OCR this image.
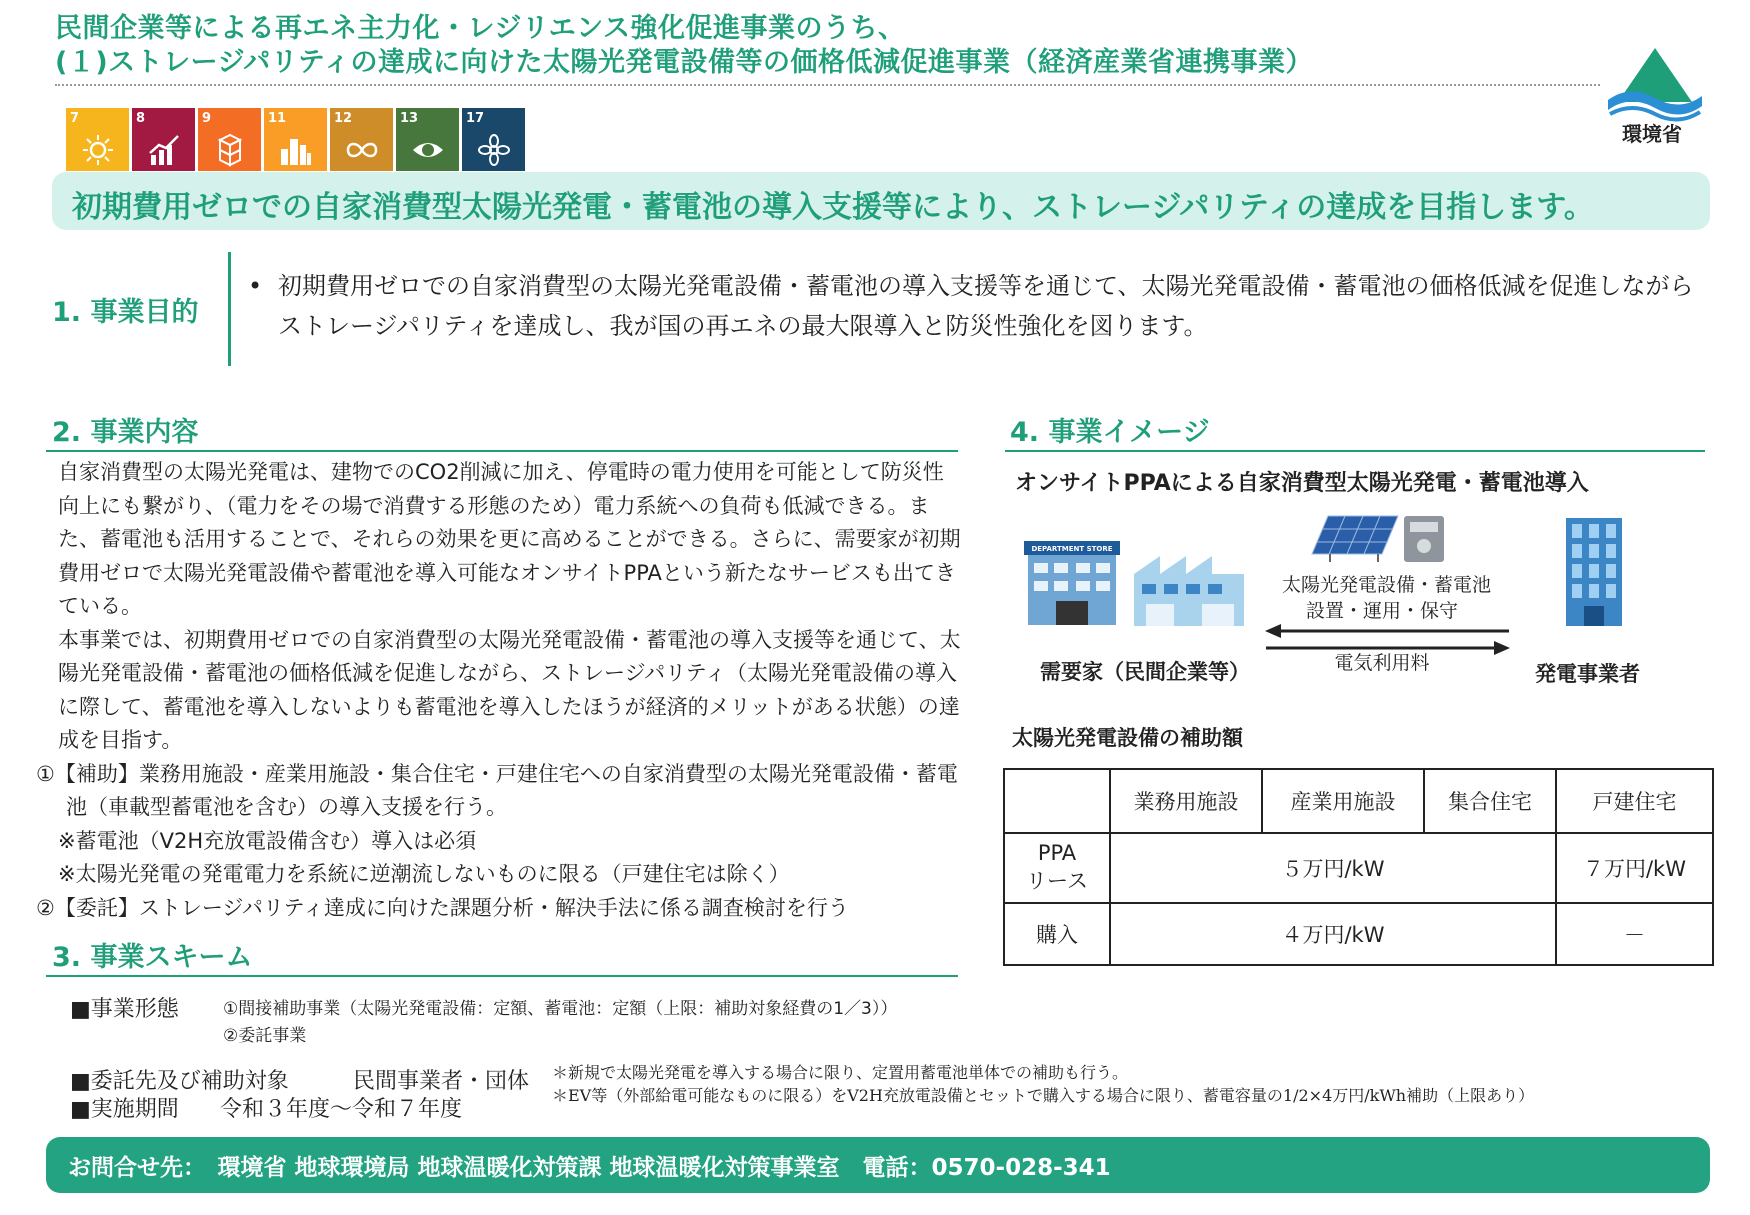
民間企業等による再エネ主力化・レジリエンス強化促進事業のうち、
(１)ストレージパリティの達成に向けた太陽光発電設備等の価格低減促進事業（経済産業省連携事業）
環境省
7	8	9	11	12	13	17
初期費用ゼロでの自家消費型太陽光発電・蓄電池の導入支援等により、ストレージパリティの達成を目指します。
1. 事業目的
• 初期費用ゼロでの自家消費型の太陽光発電設備・蓄電池の導入支援等を通じて、太陽光発電設備・蓄電池の価格低減を促進しながらストレージパリティを達成し、我が国の再エネの最大限導入と防災性強化を図ります。
2. 事業内容

自家消費型の太陽光発電は、建物でのCO2削減に加え、停電時の電力使用を可能として防災性向上にも繋がり、（電力をその場で消費する形態のため）電力系統への負荷も低減できる。また、蓄電池も活用することで、それらの効果を更に高めることができる。さらに、需要家が初期費用ゼロで太陽光発電設備や蓄電池を導入可能なオンサイトPPAという新たなサービスも出てきている。

本事業では、初期費用ゼロでの自家消費型の太陽光発電設備・蓄電池の導入支援等を通じて、太陽光発電設備・蓄電池の価格低減を促進しながら、ストレージパリティ（太陽光発電設備の導入に際して、蓄電池を導入しないよりも蓄電池を導入したほうが経済的メリットがある状態）の達成を目指す。

①【補助】業務用施設・産業用施設・集合住宅・戸建住宅への自家消費型の太陽光発電設備・蓄電池（車載型蓄電池を含む）の導入支援を行う。

※蓄電池（V2H充放電設備含む）導入は必須

※太陽光発電の発電電力を系統に逆潮流しないものに限る（戸建住宅は除く）

②【委託】ストレージパリティ達成に向けた課題分析・解決手法に係る調査検討を行う

3. 事業スキーム
■事業形態	①間接補助事業（太陽光発電設備：定額、蓄電池：定額（上限：補助対象経費の1／3））
②委託事業
■委託先及び補助対象	民間事業者・団体
■実施期間 令和３年度～令和７年度
＊新規で太陽光発電を導入する場合に限り、定置用蓄電池単体での補助も行う。
＊EV等（外部給電可能なものに限る）をV2H充放電設備とセットで購入する場合に限り、蓄電容量の1/2×4万円/kWh補助（上限あり）
4. 事業イメージ
オンサイトPPAによる自家消費型太陽光発電・蓄電池導入
DEPARTMENT STORE
需要家（民間企業等）
太陽光発電設備・蓄電池
設置・運用・保守
電気利用料	発電事業者
太陽光発電設備の補助額
	業務用施設	産業用施設	集合住宅	戸建住宅

PPA
リース	５万円/kW			７万円/kW
購入	４万円/kW			－
お問合せ先：　環境省 地球環境局 地球温暖化対策課 地球温暖化対策事業室　電話：0570-028-341
